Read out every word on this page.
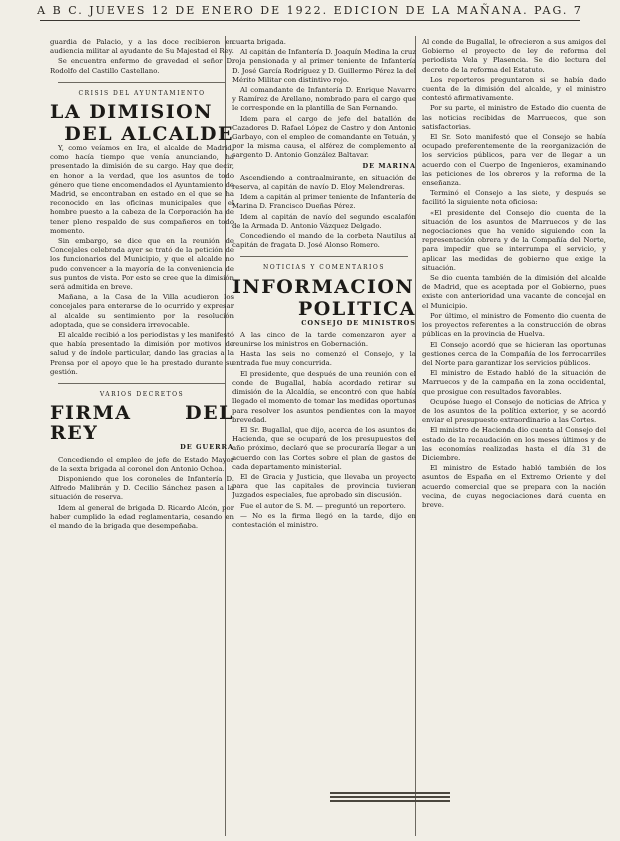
A B C. JUEVES 12 DE ENERO DE 1922. EDICION DE LA MAÑANA. PAG. 7

guardia de Palacio, y a las doce recibieron en audiencia militar al ayudante de Su Majestad el Rey.

Se encuentra enfermo de gravedad el señor D. Rodolfo del Castillo Castellano.

CRISIS DEL AYUNTAMIENTO

LA DIMISION

DEL ALCALDE

Y, como veíamos en Ira, el alcalde de Madrid, como hacía tiempo que venía anunciando, ha presentado la dimisión de su cargo. Hay que decir, en honor a la verdad, que los asuntos de todo género que tiene encomendados el Ayuntamiento de Madrid, se encontraban en estado en el que se ha reconocido en las oficinas municipales que el hombre puesto a la cabeza de la Corporación ha de tener pleno respaldo de sus compañeros en todo momento.

Sin embargo, se dice que en la reunión de Concejales celebrada ayer se trató de la petición de los funcionarios del Municipio, y que el alcalde no pudo convencer a la mayoría de la conveniencia de sus puntos de vista. Por esto se cree que la dimisión será admitida en breve.

Mañana, a la Casa de la Villa acudieron los concejales para enterarse de lo ocurrido y expresar al alcalde su sentimiento por la resolución adoptada, que se considera irrevocable.

El alcalde recibió a los periodistas y les manifestó que había presentado la dimisión por motivos de salud y de índole particular, dando las gracias a la Prensa por el apoyo que le ha prestado durante su gestión.

VARIOS DECRETOS

FIRMA DEL REY

DE GUERRA

Concediendo el empleo de jefe de Estado Mayor de la sexta brigada al coronel don Antonio Ochoa.

Disponiendo que los coroneles de Infantería D. Alfredo Malibrán y D. Cecilio Sánchez pasen a la situación de reserva.

Idem al general de brigada D. Ricardo Alcón, por haber cumplido la edad reglamentaria, cesando en el mando de la brigada que desempeñaba.

cuarta brigada.

Al capitán de Infantería D. Joaquín Medina la cruz roja pensionada y al primer teniente de Infantería D. José García Rodríguez y D. Guillermo Pérez la del Mérito Militar con distintivo rojo.

Al comandante de Infantería D. Enrique Navarro y Ramírez de Arellano, nombrado para el cargo que le corresponde en la plantilla de San Fernando.

Idem para el cargo de jefe del batallón de Cazadores D. Rafael López de Castro y don Antonio Garbayo, con el empleo de comandante en Tetuán, y por la misma causa, el alférez de complemento al sargento D. Antonio González Baltavar.

DE MARINA

Ascendiendo a contraalmirante, en situación de reserva, al capitán de navío D. Eloy Melendreras.

Idem a capitán al primer teniente de Infantería de Marina D. Francisco Dueñas Pérez.

Idem al capitán de navío del segundo escalafón de la Armada D. Antonio Vázquez Delgado.

Concediendo el mando de la corbeta Nautilus al capitán de fragata D. José Alonso Romero.

NOTICIAS Y COMENTARIOS

INFORMACION

POLITICA

CONSEJO DE MINISTROS

A las cinco de la tarde comenzaron ayer a reunirse los ministros en Gobernación.

Hasta las seis no comenzó el Consejo, y la entrada fue muy concurrida.

El presidente, que después de una reunión con el conde de Bugallal, había acordado retirar su dimisión de la Alcaldía, se encontró con que había llegado el momento de tomar las medidas oportunas para resolver los asuntos pendientes con la mayor brevedad.

El Sr. Bugallal, que dijo, acerca de los asuntos de Hacienda, que se ocupará de los presupuestos del año próximo, declaró que se procuraría llegar a un acuerdo con las Cortes sobre el plan de gastos de cada departamento ministerial.

El de Gracia y Justicia, que llevaba un proyecto para que las capitales de provincia tuvieran Juzgados especiales, fue aprobado sin discusión.

Fue el autor de S. M. — preguntó un reportero.

— No es la firma llegó en la tarde, dijo en contestación el ministro.

Al conde de Bugallal, le ofrecieron a sus amigos del Gobierno el proyecto de ley de reforma del periodista Vela y Plasencia. Se dio lectura del decreto de la reforma del Estatuto.

Los reporteros preguntaron si se había dado cuenta de la dimisión del alcalde, y el ministro contestó afirmativamente.

Por su parte, el ministro de Estado dio cuenta de las noticias recibidas de Marruecos, que son satisfactorias.

El Sr. Soto manifestó que el Consejo se había ocupado preferentemente de la reorganización de los servicios públicos, para ver de llegar a un acuerdo con el Cuerpo de Ingenieros, examinando las peticiones de los obreros y la reforma de la enseñanza.

Terminó el Consejo a las siete, y después se facilitó la siguiente nota oficiosa:

«El presidente del Consejo dio cuenta de la situación de los asuntos de Marruecos y de las negociaciones que ha venido siguiendo con la representación obrera y de la Compañía del Norte, para impedir que se interrumpa el servicio, y aplicar las medidas de gobierno que exige la situación.

Se dio cuenta también de la dimisión del alcalde de Madrid, que es aceptada por el Gobierno, pues existe con anterioridad una vacante de concejal en el Municipio.

Por último, el ministro de Fomento dio cuenta de los proyectos referentes a la construcción de obras públicas en la provincia de Huelva.

El Consejo acordó que se hicieran las oportunas gestiones cerca de la Compañía de los ferrocarriles del Norte para garantizar los servicios públicos.

El ministro de Estado habló de la situación de Marruecos y de la campaña en la zona occidental, que prosigue con resultados favorables.

Ocupóse luego el Consejo de noticias de Africa y de los asuntos de la política exterior, y se acordó enviar el presupuesto extraordinario a las Cortes.

El ministro de Hacienda dio cuenta al Consejo del estado de la recaudación en los meses últimos y de las economías realizadas hasta el día 31 de Diciembre.

El ministro de Estado habló también de los asuntos de España en el Extremo Oriente y del acuerdo comercial que se prepara con la nación vecina, de cuyas negociaciones dará cuenta en breve.
